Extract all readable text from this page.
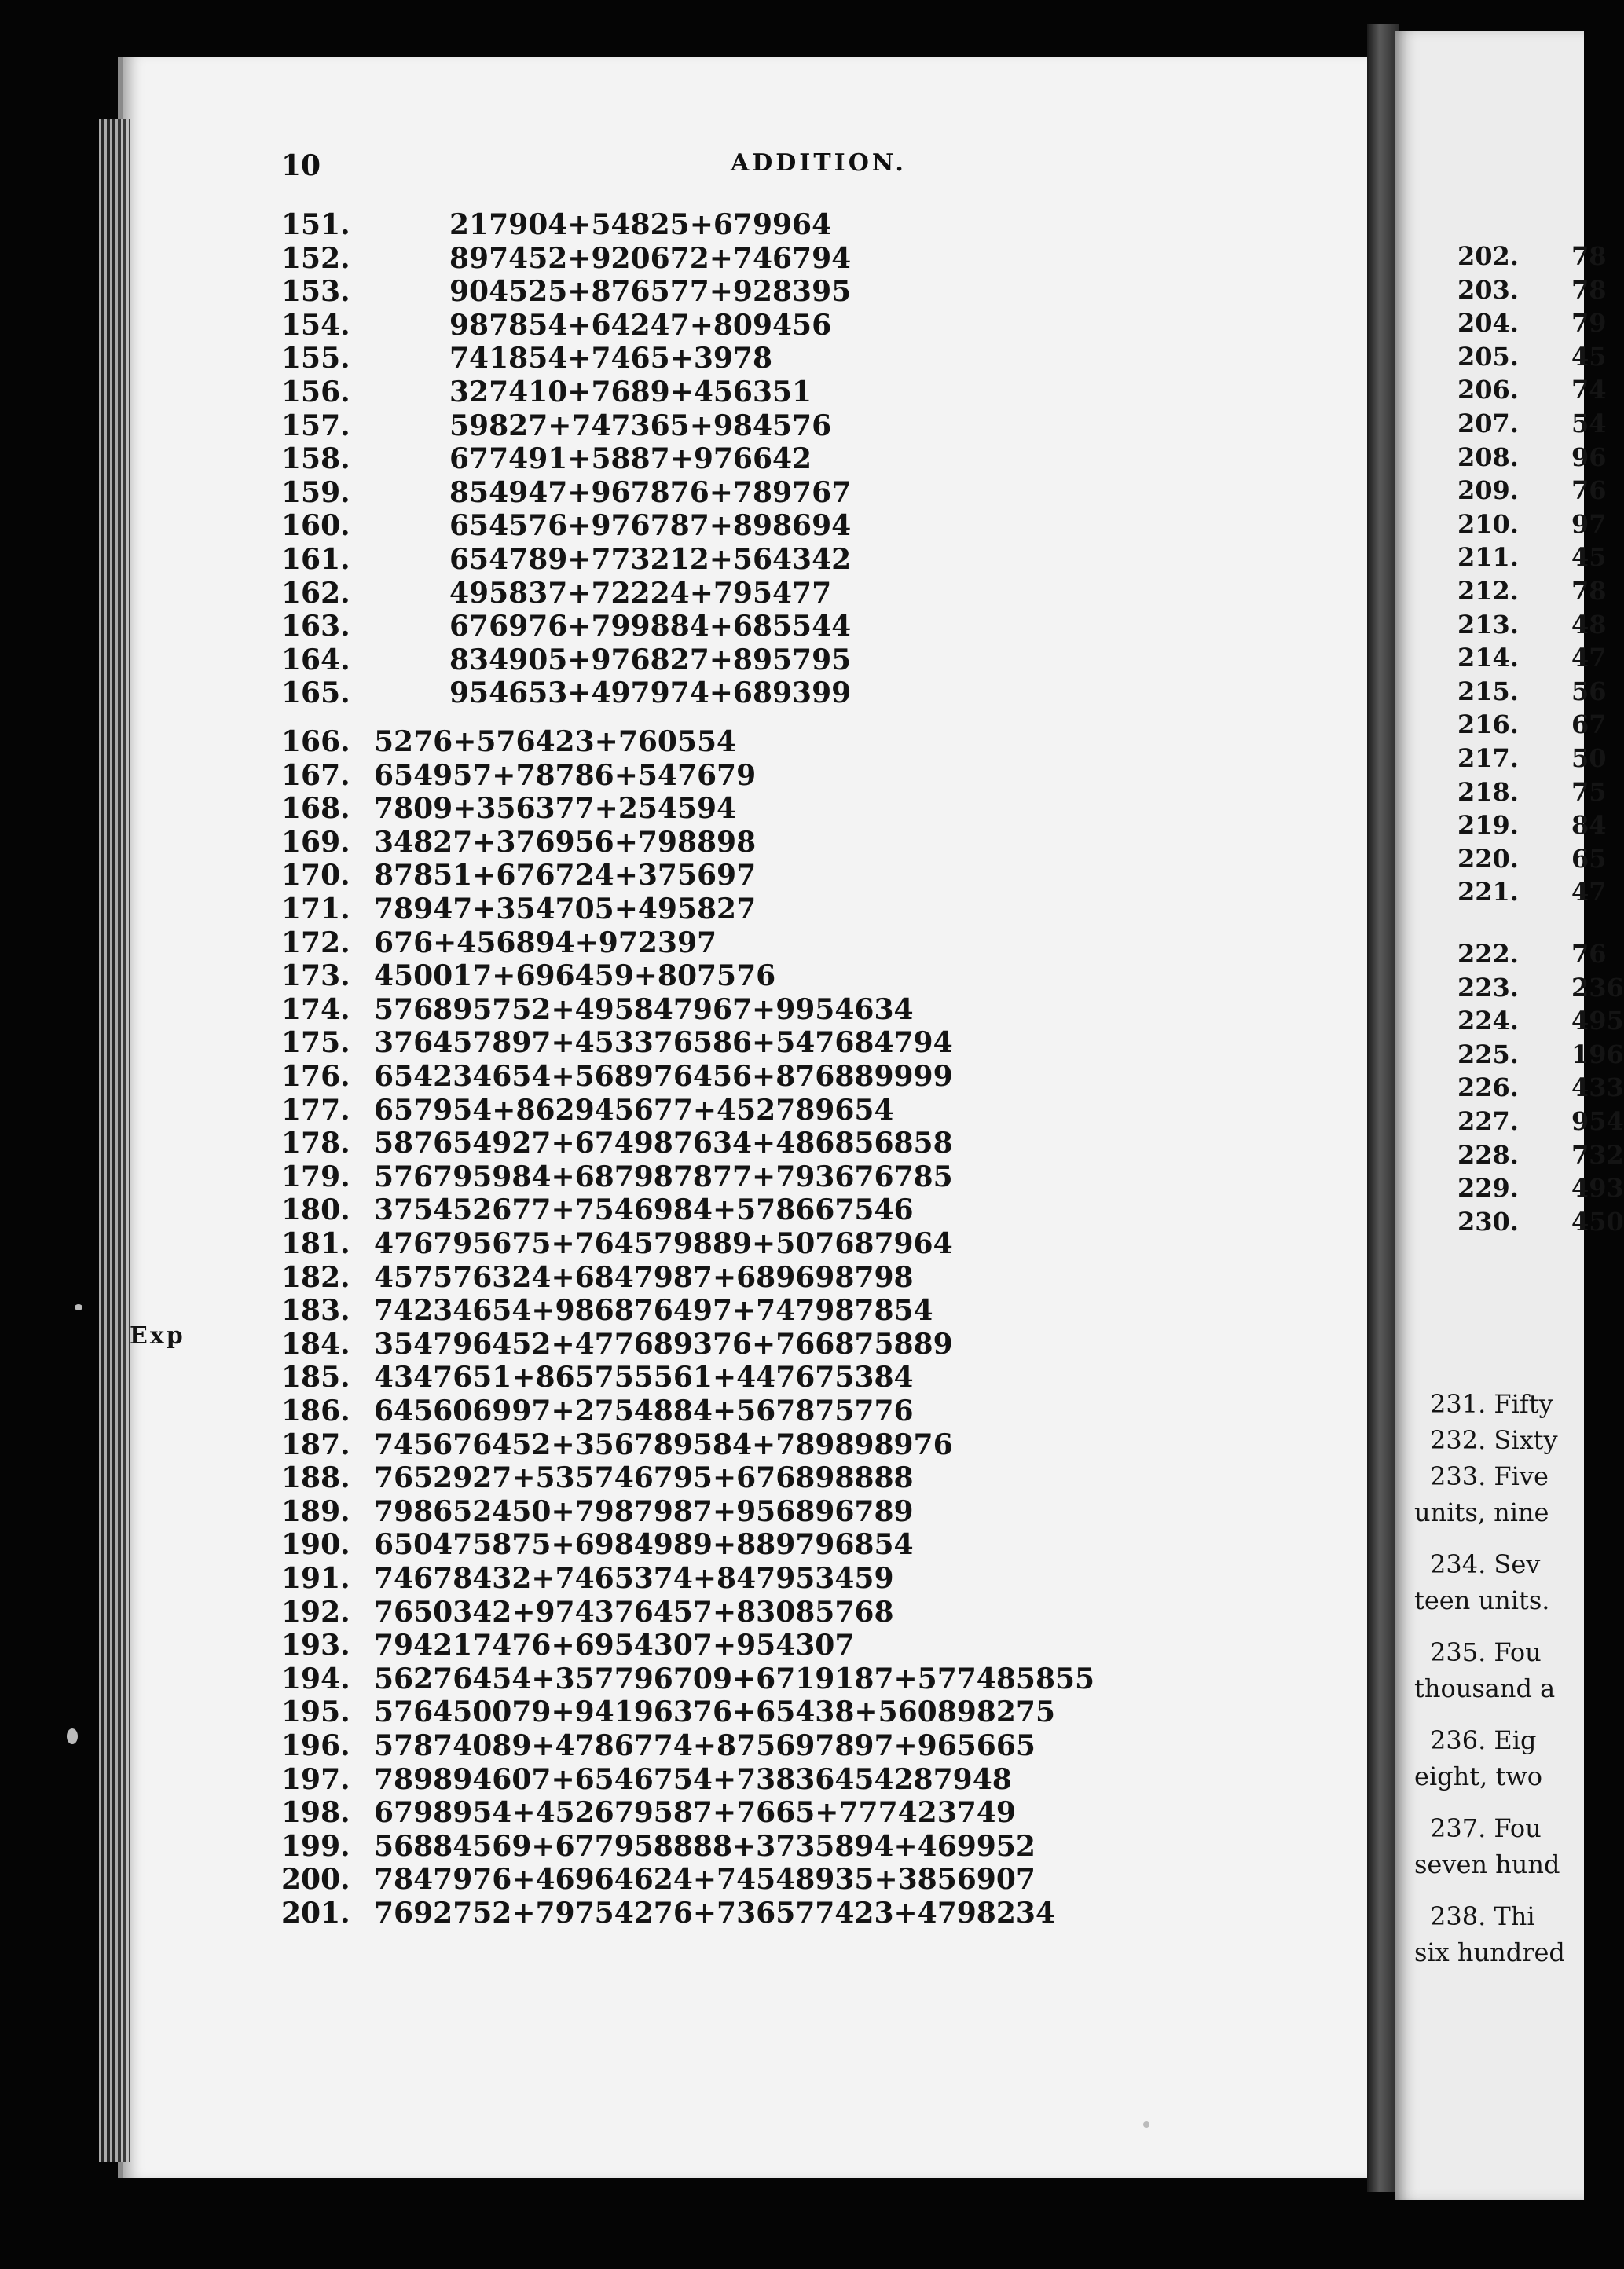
10	ADDITION.
151.	217904+54825+679964
152.	897452+920672+746794
153.	904525+876577+928395
154.	987854+64247+809456
155.	741854+7465+3978
156.	327410+7689+456351
157.	59827+747365+984576
158.	677491+5887+976642
159.	854947+967876+789767
160.	654576+976787+898694
161.	654789+773212+564342
162.	495837+72224+795477
163.	676976+799884+685544
164.	834905+976827+895795
165.	954653+497974+689399
166. 5276+576423+760554
167. 654957+78786+547679
168. 7809+356377+254594
169. 34827+376956+798898
170. 87851+676724+375697
171. 78947+354705+495827
172. 676+456894+972397
173. 450017+696459+807576
174. 576895752+495847967+9954634
175. 376457897+453376586+547684794
176. 654234654+568976456+876889999
177. 657954+862945677+452789654
178. 587654927+674987634+486856858
179. 576795984+687987877+793676785
180. 375452677+7546984+578667546
181. 476795675+764579889+507687964
182. 457576324+6847987+689698798
183. 74234654+986876497+747987854
184. 354796452+477689376+766875889
185. 4347651+865755561+447675384
186. 645606997+2754884+567875776
187. 745676452+356789584+789898976
188. 7652927+535746795+676898888
189. 798652450+7987987+956896789
190. 650475875+6984989+889796854
191. 74678432+7465374+847953459
192. 7650342+974376457+83085768
193. 794217476+6954307+954307
194. 56276454+357796709+6719187+577485855
195. 576450079+94196376+65438+560898275
196. 57874089+4786774+875697897+965665
197. 789894607+6546754+73836454287948
198. 6798954+452679587+7665+777423749
199. 56884569+677958888+3735894+469952
200. 7847976+46964624+74548935+3856907
201. 7692752+79754276+736577423+4798234
202. 78
203. 78
204. 79
205. 45
206. 74
207. 54
208. 96
209. 76
210. 97
211. 45
212. 78
213. 48
214. 47
215. 56
216. 67
217. 50
218. 75
219. 84
220. 65
221. 47
222. 76
223. 236
224. 495
225. 196
226. 433
227. 954
228. 732
229. 493
230. 450
Exp
231. Fifty
232. Sixty
233. Five
units, nine
234. Sev
teen units.
235. Fou
thousand a
236. Eig
eight, two
237. Fou
seven hund
238. Thi
six hundred
